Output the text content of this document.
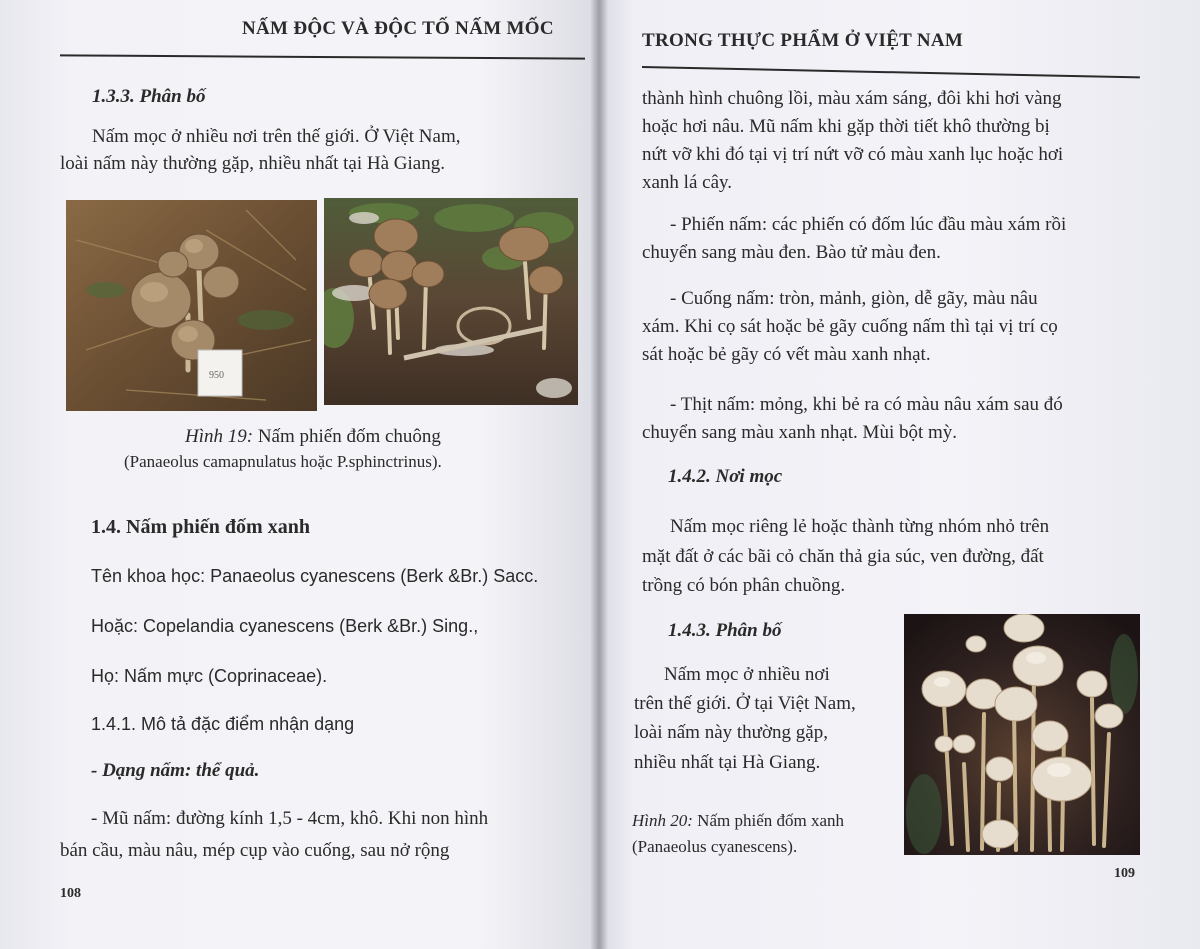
NẤM ĐỘC VÀ ĐỘC TỐ NẤM MỐC
1.3.3. Phân bố
Nấm mọc ở nhiều nơi trên thế giới. Ở Việt Nam,
loài nấm này thường gặp, nhiều nhất tại Hà Giang.
950
Hình 19: Nấm phiến đốm chuông
(Panaeolus camapnulatus hoặc P.sphinctrinus).
1.4. Nấm phiến đốm xanh
Tên khoa học: Panaeolus cyanescens (Berk &Br.) Sacc.
Hoặc: Copelandia cyanescens (Berk &Br.) Sing.,
Họ: Nấm mực (Coprinaceae).
1.4.1. Mô tả đặc điểm nhận dạng
- Dạng nấm: thể quả.
- Mũ nấm: đường kính 1,5 - 4cm, khô. Khi non hình
bán cầu, màu nâu, mép cụp vào cuống, sau nở rộng
108
TRONG THỰC PHẨM Ở VIỆT NAM
thành hình chuông lồi, màu xám sáng, đôi khi hơi vàng
hoặc hơi nâu. Mũ nấm khi gặp thời tiết khô thường bị
nứt vỡ khi đó tại vị trí nứt vỡ có màu xanh lục hoặc hơi
xanh lá cây.
- Phiến nấm: các phiến có đốm lúc đầu màu xám rồi
chuyển sang màu đen. Bào tử màu đen.
- Cuống nấm: tròn, mảnh, giòn, dễ gãy, màu nâu
xám. Khi cọ sát hoặc bẻ gãy cuống nấm thì tại vị trí cọ
sát hoặc bẻ gãy có vết màu xanh nhạt.
- Thịt nấm: mỏng, khi bẻ ra có màu nâu xám sau đó
chuyển sang màu xanh nhạt. Mùi bột mỳ.
1.4.2. Nơi mọc
Nấm mọc riêng lẻ hoặc thành từng nhóm nhỏ trên
mặt đất ở các bãi cỏ chăn thả gia súc, ven đường, đất
trồng có bón phân chuồng.
1.4.3. Phân bố
Nấm mọc ở nhiều nơi
trên thế giới. Ở tại Việt Nam,
loài nấm này thường gặp,
nhiều nhất tại Hà Giang.
Hình 20: Nấm phiến đốm xanh
(Panaeolus cyanescens).
109
